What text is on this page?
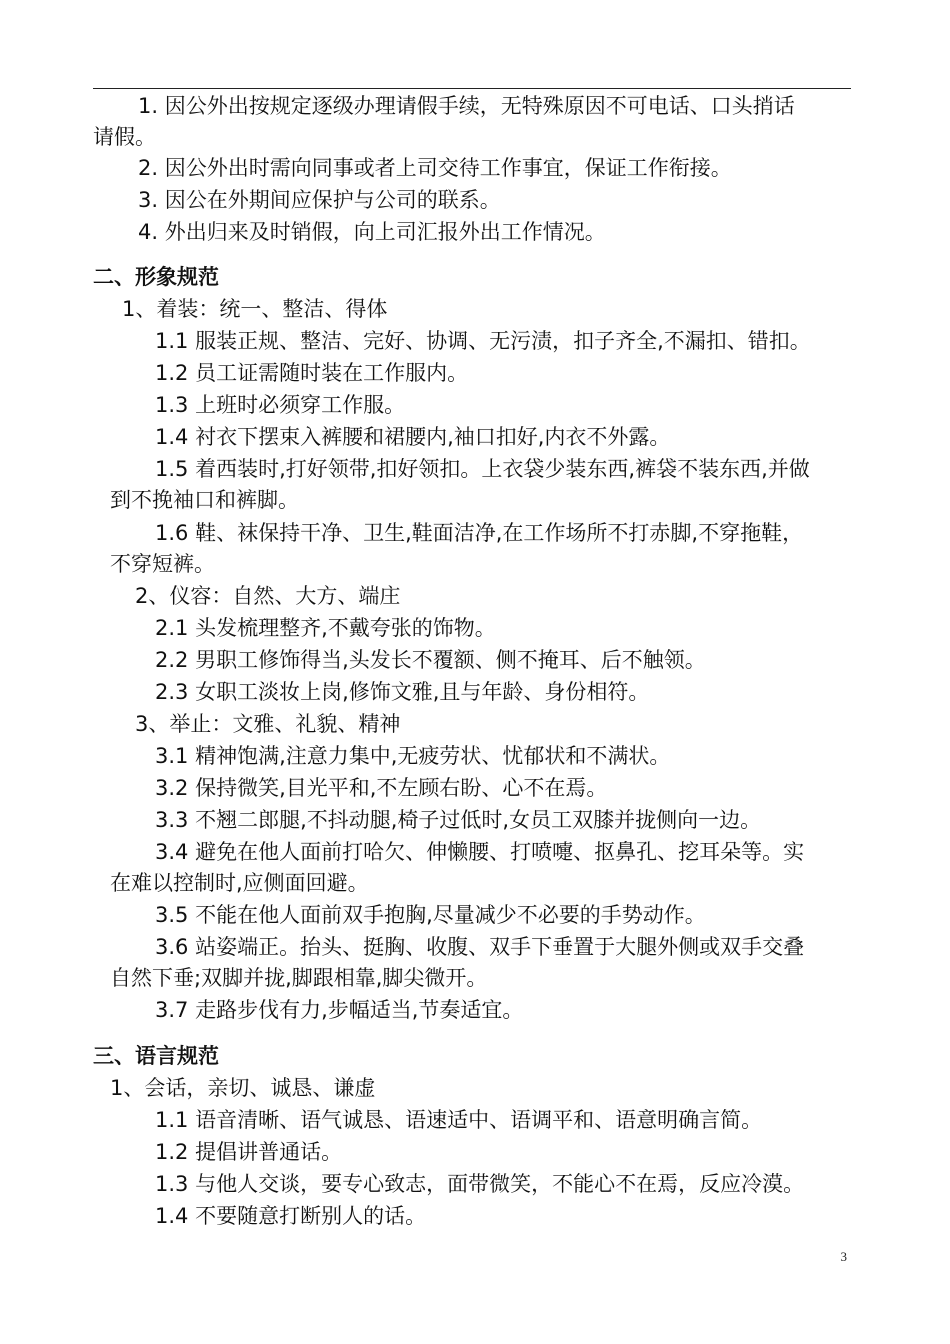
1. 因公外出按规定逐级办理请假手续，无特殊原因不可电话、口头捎话
请假。
2. 因公外出时需向同事或者上司交待工作事宜，保证工作衔接。
3. 因公在外期间应保护与公司的联系。
4. 外出归来及时销假，向上司汇报外出工作情况。
二、形象规范
1、着装：统一、整洁、得体
1.1 服装正规、整洁、完好、协调、无污渍，扣子齐全,不漏扣、错扣。
1.2 员工证需随时装在工作服内。
1.3 上班时必须穿工作服。
1.4 衬衣下摆束入裤腰和裙腰内,袖口扣好,内衣不外露。
1.5 着西装时,打好领带,扣好领扣。上衣袋少装东西,裤袋不装东西,并做
到不挽袖口和裤脚。
1.6 鞋、袜保持干净、卫生,鞋面洁净,在工作场所不打赤脚,不穿拖鞋，
不穿短裤。
2、仪容：自然、大方、端庄
2.1 头发梳理整齐,不戴夸张的饰物。
2.2 男职工修饰得当,头发长不覆额、侧不掩耳、后不触领。
2.3 女职工淡妆上岗,修饰文雅,且与年龄、身份相符。
3、举止：文雅、礼貌、精神
3.1 精神饱满,注意力集中,无疲劳状、忧郁状和不满状。
3.2 保持微笑,目光平和,不左顾右盼、心不在焉。
3.3 不翘二郎腿,不抖动腿,椅子过低时,女员工双膝并拢侧向一边。
3.4 避免在他人面前打哈欠、伸懒腰、打喷嚏、抠鼻孔、挖耳朵等。实
在难以控制时,应侧面回避。
3.5 不能在他人面前双手抱胸,尽量减少不必要的手势动作。
3.6 站姿端正。抬头、挺胸、收腹、双手下垂置于大腿外侧或双手交叠
自然下垂;双脚并拢,脚跟相靠,脚尖微开。
3.7 走路步伐有力,步幅适当,节奏适宜。
三、语言规范
1、会话，亲切、诚恳、谦虚
1.1 语音清晰、语气诚恳、语速适中、语调平和、语意明确言简。
1.2 提倡讲普通话。
1.3 与他人交谈，要专心致志，面带微笑，不能心不在焉，反应冷漠。
1.4 不要随意打断别人的话。
3
